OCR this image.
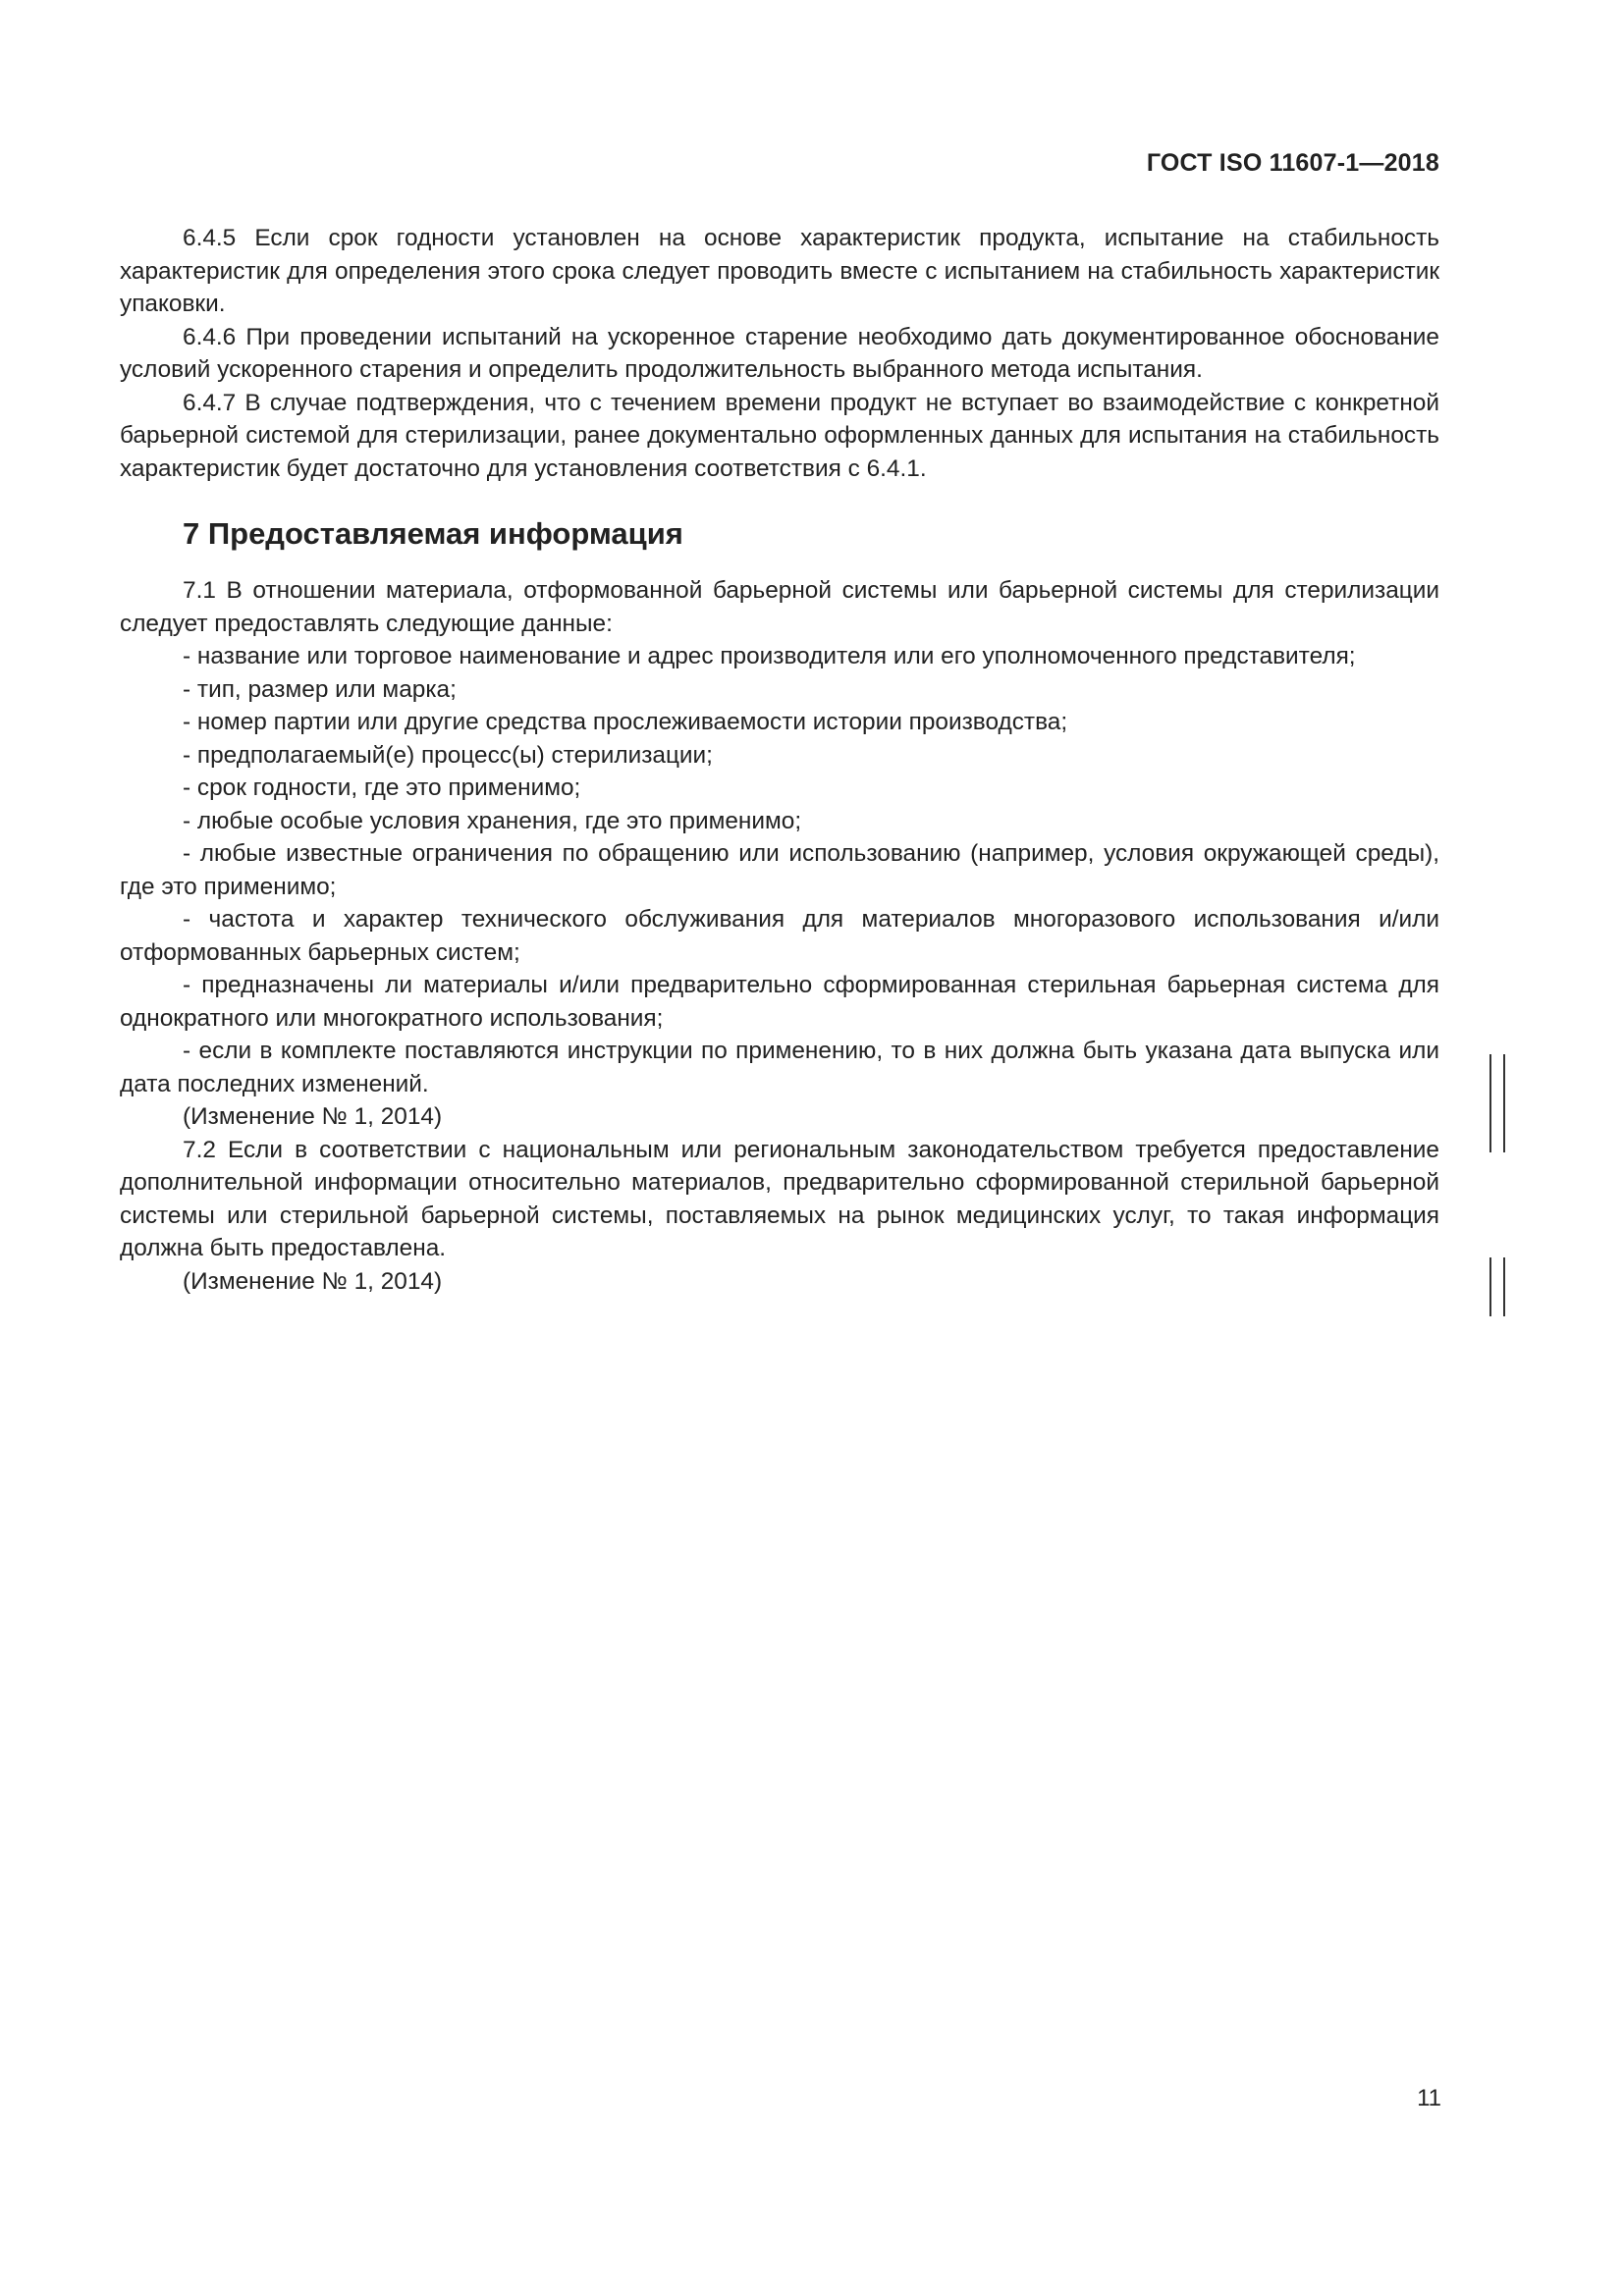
ГОСТ ISO 11607-1—2018

6.4.5 Если срок годности установлен на основе характеристик продукта, испытание на стабильность характеристик для определения этого срока следует проводить вместе с испытанием на стабильность характеристик упаковки.

6.4.6 При проведении испытаний на ускоренное старение необходимо дать документированное обоснование условий ускоренного старения и определить продолжительность выбранного метода испытания.

6.4.7 В случае подтверждения, что с течением времени продукт не вступает во взаимодействие с конкретной барьерной системой для стерилизации, ранее документально оформленных данных для испытания на стабильность характеристик будет достаточно для установления соответствия с 6.4.1.

7 Предоставляемая информация

7.1 В отношении материала, отформованной барьерной системы или барьерной системы для стерилизации следует предоставлять следующие данные:

- название или торговое наименование и адрес производителя или его уполномоченного представителя;

- тип, размер или марка;

- номер партии или другие средства прослеживаемости истории производства;

- предполагаемый(е) процесс(ы) стерилизации;

- срок годности, где это применимо;

- любые особые условия хранения, где это применимо;

- любые известные ограничения по обращению или использованию (например, условия окружающей среды), где это применимо;

- частота и характер технического обслуживания для материалов многоразового использования и/или отформованных барьерных систем;

- предназначены ли материалы и/или предварительно сформированная стерильная барьерная система для однократного или многократного использования;

- если в комплекте поставляются инструкции по применению, то в них должна быть указана дата выпуска или дата последних изменений.

(Изменение № 1, 2014)

7.2 Если в соответствии с национальным или региональным законодательством требуется предоставление дополнительной информации относительно материалов, предварительно сформированной стерильной барьерной системы или стерильной барьерной системы, поставляемых на рынок медицинских услуг, то такая информация должна быть предоставлена.

(Изменение № 1, 2014)

11
